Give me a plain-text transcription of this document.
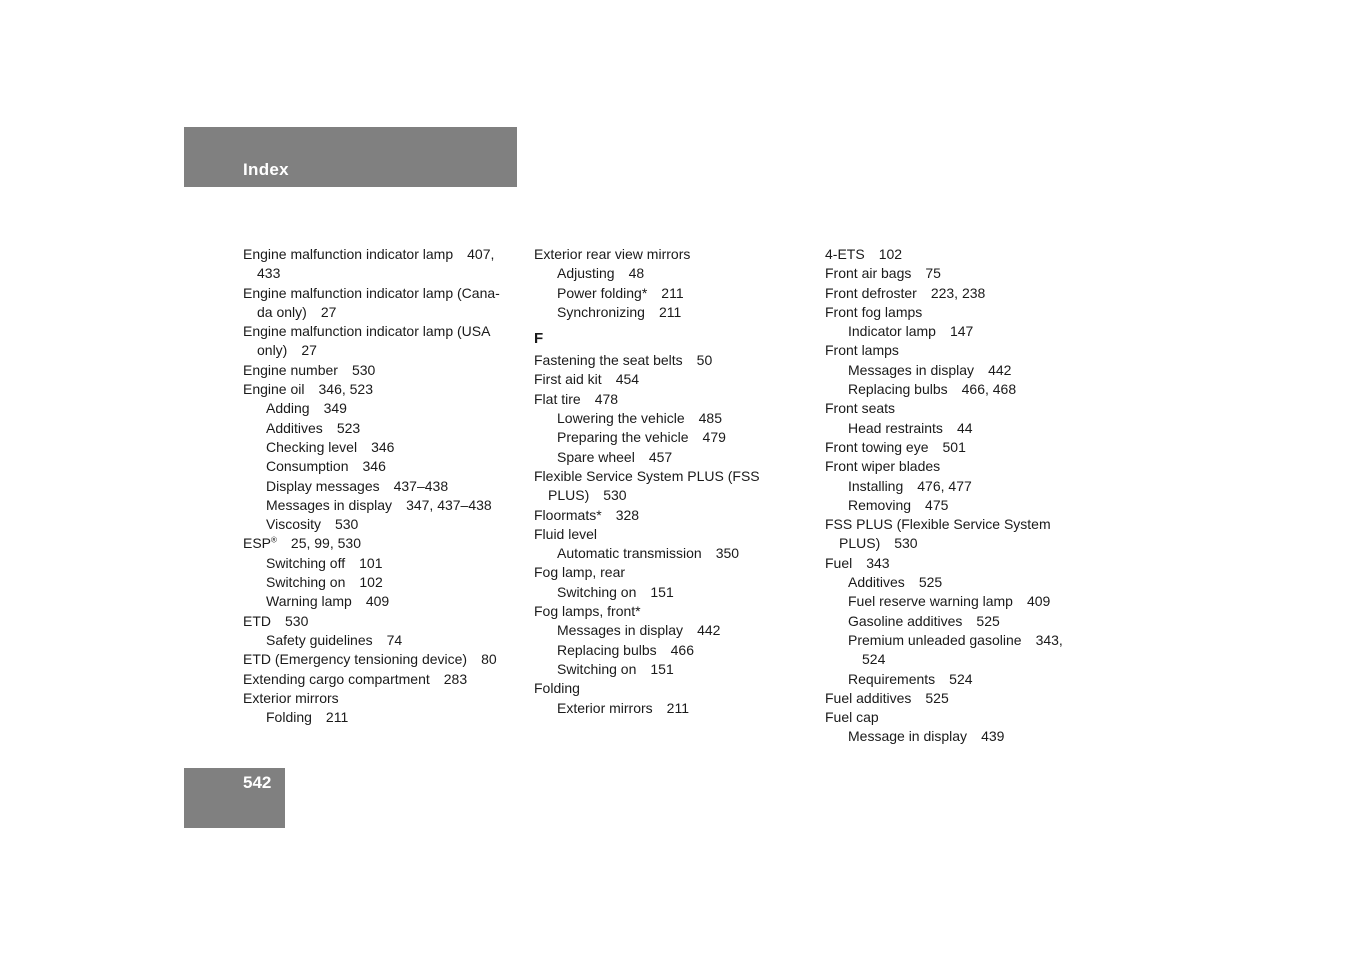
Index
Engine malfunction indicator lamp 407,
433
Engine malfunction indicator lamp (Cana-
da only) 27
Engine malfunction indicator lamp (USA
only) 27
Engine number 530
Engine oil 346, 523
Adding 349
Additives 523
Checking level 346
Consumption 346
Display messages 437–438
Messages in display 347, 437–438
Viscosity 530
ESP® 25, 99, 530
Switching off 101
Switching on 102
Warning lamp 409
ETD 530
Safety guidelines 74
ETD (Emergency tensioning device) 80
Extending cargo compartment 283
Exterior mirrors
Folding 211
Exterior rear view mirrors
Adjusting 48
Power folding* 211
Synchronizing 211
F
Fastening the seat belts 50
First aid kit 454
Flat tire 478
Lowering the vehicle 485
Preparing the vehicle 479
Spare wheel 457
Flexible Service System PLUS (FSS
PLUS) 530
Floormats* 328
Fluid level
Automatic transmission 350
Fog lamp, rear
Switching on 151
Fog lamps, front*
Messages in display 442
Replacing bulbs 466
Switching on 151
Folding
Exterior mirrors 211
4-ETS 102
Front air bags 75
Front defroster 223, 238
Front fog lamps
Indicator lamp 147
Front lamps
Messages in display 442
Replacing bulbs 466, 468
Front seats
Head restraints 44
Front towing eye 501
Front wiper blades
Installing 476, 477
Removing 475
FSS PLUS (Flexible Service System
PLUS) 530
Fuel 343
Additives 525
Fuel reserve warning lamp 409
Gasoline additives 525
Premium unleaded gasoline 343,
524
Requirements 524
Fuel additives 525
Fuel cap
Message in display 439
542
